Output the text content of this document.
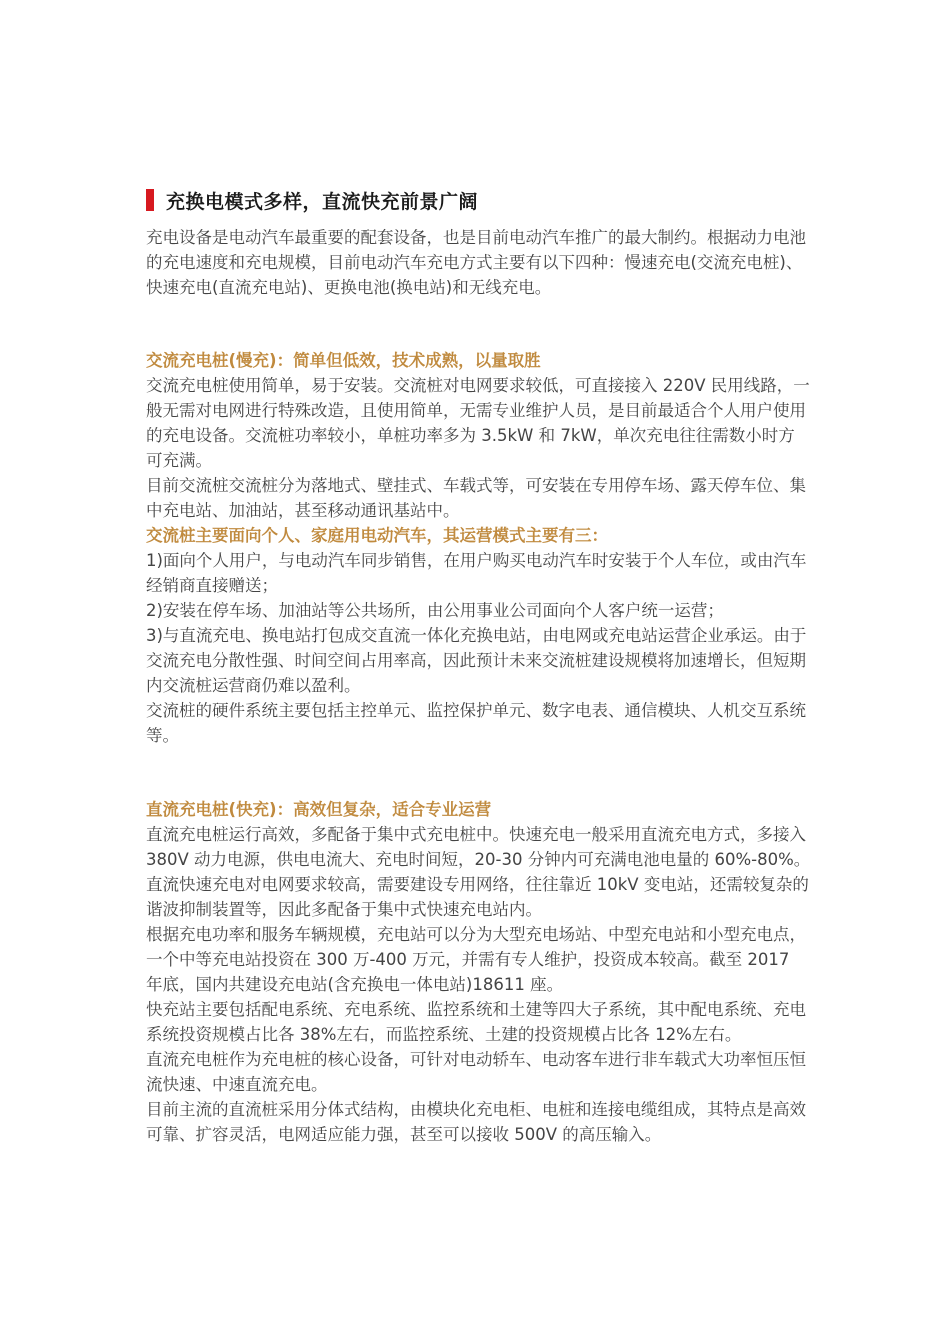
充换电模式多样，直流快充前景广阔

充电设备是电动汽车最重要的配套设备，也是目前电动汽车推广的最大制约。根据动力电池的充电速度和充电规模，目前电动汽车充电方式主要有以下四种：慢速充电(交流充电桩)、快速充电(直流充电站)、更换电池(换电站)和无线充电。

交流充电桩(慢充)：简单但低效，技术成熟，以量取胜

交流充电桩使用简单，易于安装。交流桩对电网要求较低，可直接接入 220V 民用线路，一般无需对电网进行特殊改造，且使用简单，无需专业维护人员，是目前最适合个人用户使用的充电设备。交流桩功率较小，单桩功率多为 3.5kW 和 7kW，单次充电往往需数小时方可充满。

目前交流桩交流桩分为落地式、壁挂式、车载式等，可安装在专用停车场、露天停车位、集中充电站、加油站，甚至移动通讯基站中。

交流桩主要面向个人、家庭用电动汽车，其运营模式主要有三：

1)面向个人用户，与电动汽车同步销售，在用户购买电动汽车时安装于个人车位，或由汽车经销商直接赠送；

2)安装在停车场、加油站等公共场所，由公用事业公司面向个人客户统一运营；

3)与直流充电、换电站打包成交直流一体化充换电站，由电网或充电站运营企业承运。由于交流充电分散性强、时间空间占用率高，因此预计未来交流桩建设规模将加速增长，但短期内交流桩运营商仍难以盈利。

交流桩的硬件系统主要包括主控单元、监控保护单元、数字电表、通信模块、人机交互系统等。

直流充电桩(快充)：高效但复杂，适合专业运营

直流充电桩运行高效，多配备于集中式充电桩中。快速充电一般采用直流充电方式，多接入 380V 动力电源，供电电流大、充电时间短，20-30 分钟内可充满电池电量的 60%-80%。

直流快速充电对电网要求较高，需要建设专用网络，往往靠近 10kV 变电站，还需较复杂的谐波抑制装置等，因此多配备于集中式快速充电站内。

根据充电功率和服务车辆规模，充电站可以分为大型充电场站、中型充电站和小型充电点，一个中等充电站投资在 300 万-400 万元，并需有专人维护，投资成本较高。截至 2017 年底，国内共建设充电站(含充换电一体电站)18611 座。

快充站主要包括配电系统、充电系统、监控系统和土建等四大子系统，其中配电系统、充电系统投资规模占比各 38%左右，而监控系统、土建的投资规模占比各 12%左右。

直流充电桩作为充电桩的核心设备，可针对电动轿车、电动客车进行非车载式大功率恒压恒流快速、中速直流充电。

目前主流的直流桩采用分体式结构，由模块化充电柜、电桩和连接电缆组成，其特点是高效可靠、扩容灵活，电网适应能力强，甚至可以接收 500V 的高压输入。
